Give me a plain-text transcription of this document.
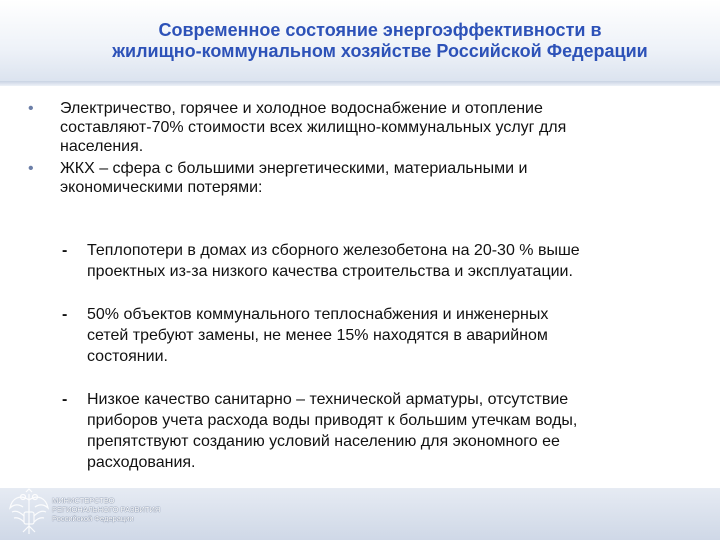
Современное состояние энергоэффективности в
жилищно-коммунальном хозяйстве Российской Федерации
• Электричество, горячее и холодное водоснабжение и отопление
составляют-70% стоимости всех жилищно-коммунальных услуг для
населения.
• ЖКХ – сфера с большими энергетическими, материальными и
экономическими потерями:
- Теплопотери в домах из сборного железобетона на 20-30 % выше
проектных из-за низкого качества строительства и эксплуатации.
- 50% объектов коммунального теплоснабжения и инженерных
сетей требуют замены, не менее 15% находятся в аварийном
состоянии.
- Низкое качество санитарно – технической арматуры, отсутствие
приборов учета расхода воды приводят к большим утечкам воды,
препятствуют созданию условий населению для экономного ее
расходования.
МИНИСТЕРСТВО
РЕГИОНАЛЬНОГО РАЗВИТИЯ
Российской Федерации
